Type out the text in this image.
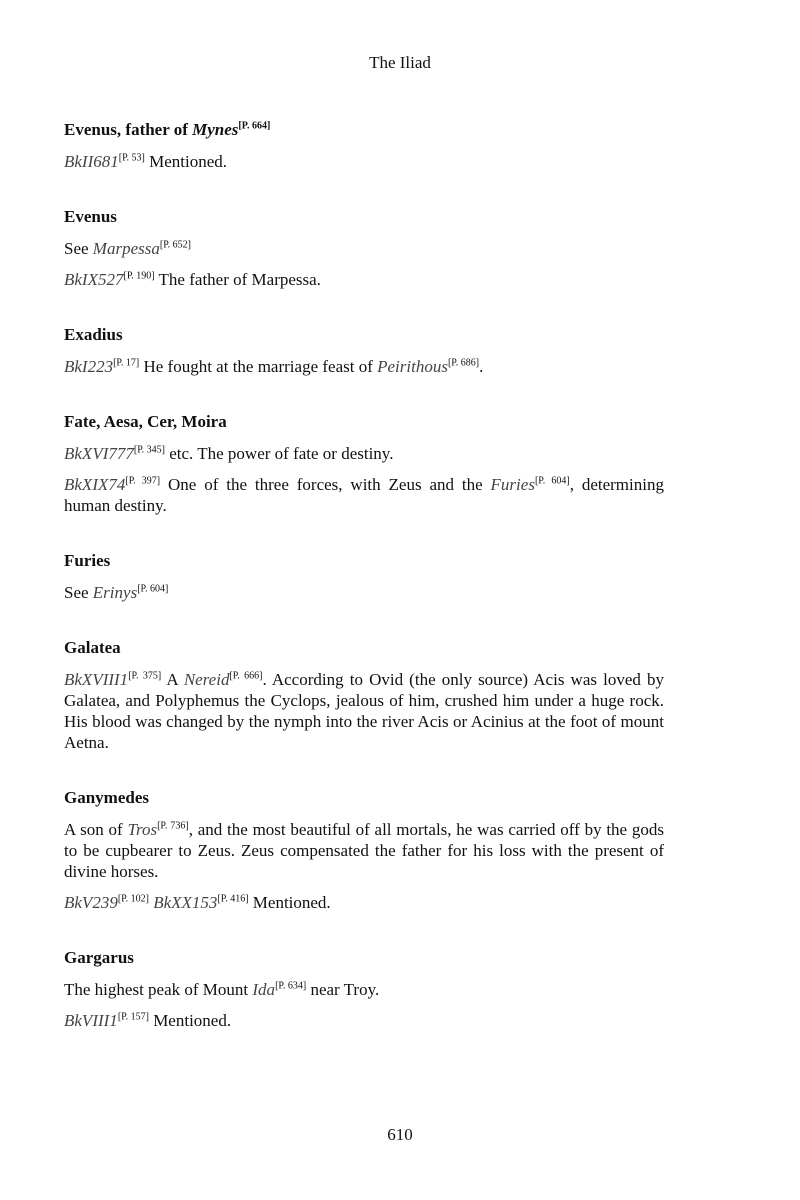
The Iliad
Evenus, father of Mynes[P. 664]

BkII681[P. 53] Mentioned.

Evenus

See Marpessa[P. 652]

BkIX527[P. 190] The father of Marpessa.

Exadius

BkI223[P. 17] He fought at the marriage feast of Peirithous[P. 686].

Fate, Aesa, Cer, Moira

BkXVI777[P. 345] etc. The power of fate or destiny.

BkXIX74[P. 397] One of the three forces, with Zeus and the Furies[P. 604], determining human destiny.

Furies

See Erinys[P. 604]

Galatea

BkXVIII1[P. 375] A Nereid[P. 666]. According to Ovid (the only source) Acis was loved by Galatea, and Polyphemus the Cyclops, jealous of him, crushed him under a huge rock. His blood was changed by the nymph into the river Acis or Acinius at the foot of mount Aetna.

Ganymedes

A son of Tros[P. 736], and the most beautiful of all mortals, he was carried off by the gods to be cupbearer to Zeus. Zeus compensated the father for his loss with the present of divine horses.

BkV239[P. 102] BkXX153[P. 416] Mentioned.

Gargarus

The highest peak of Mount Ida[P. 634] near Troy.

BkVIII1[P. 157] Mentioned.

610
